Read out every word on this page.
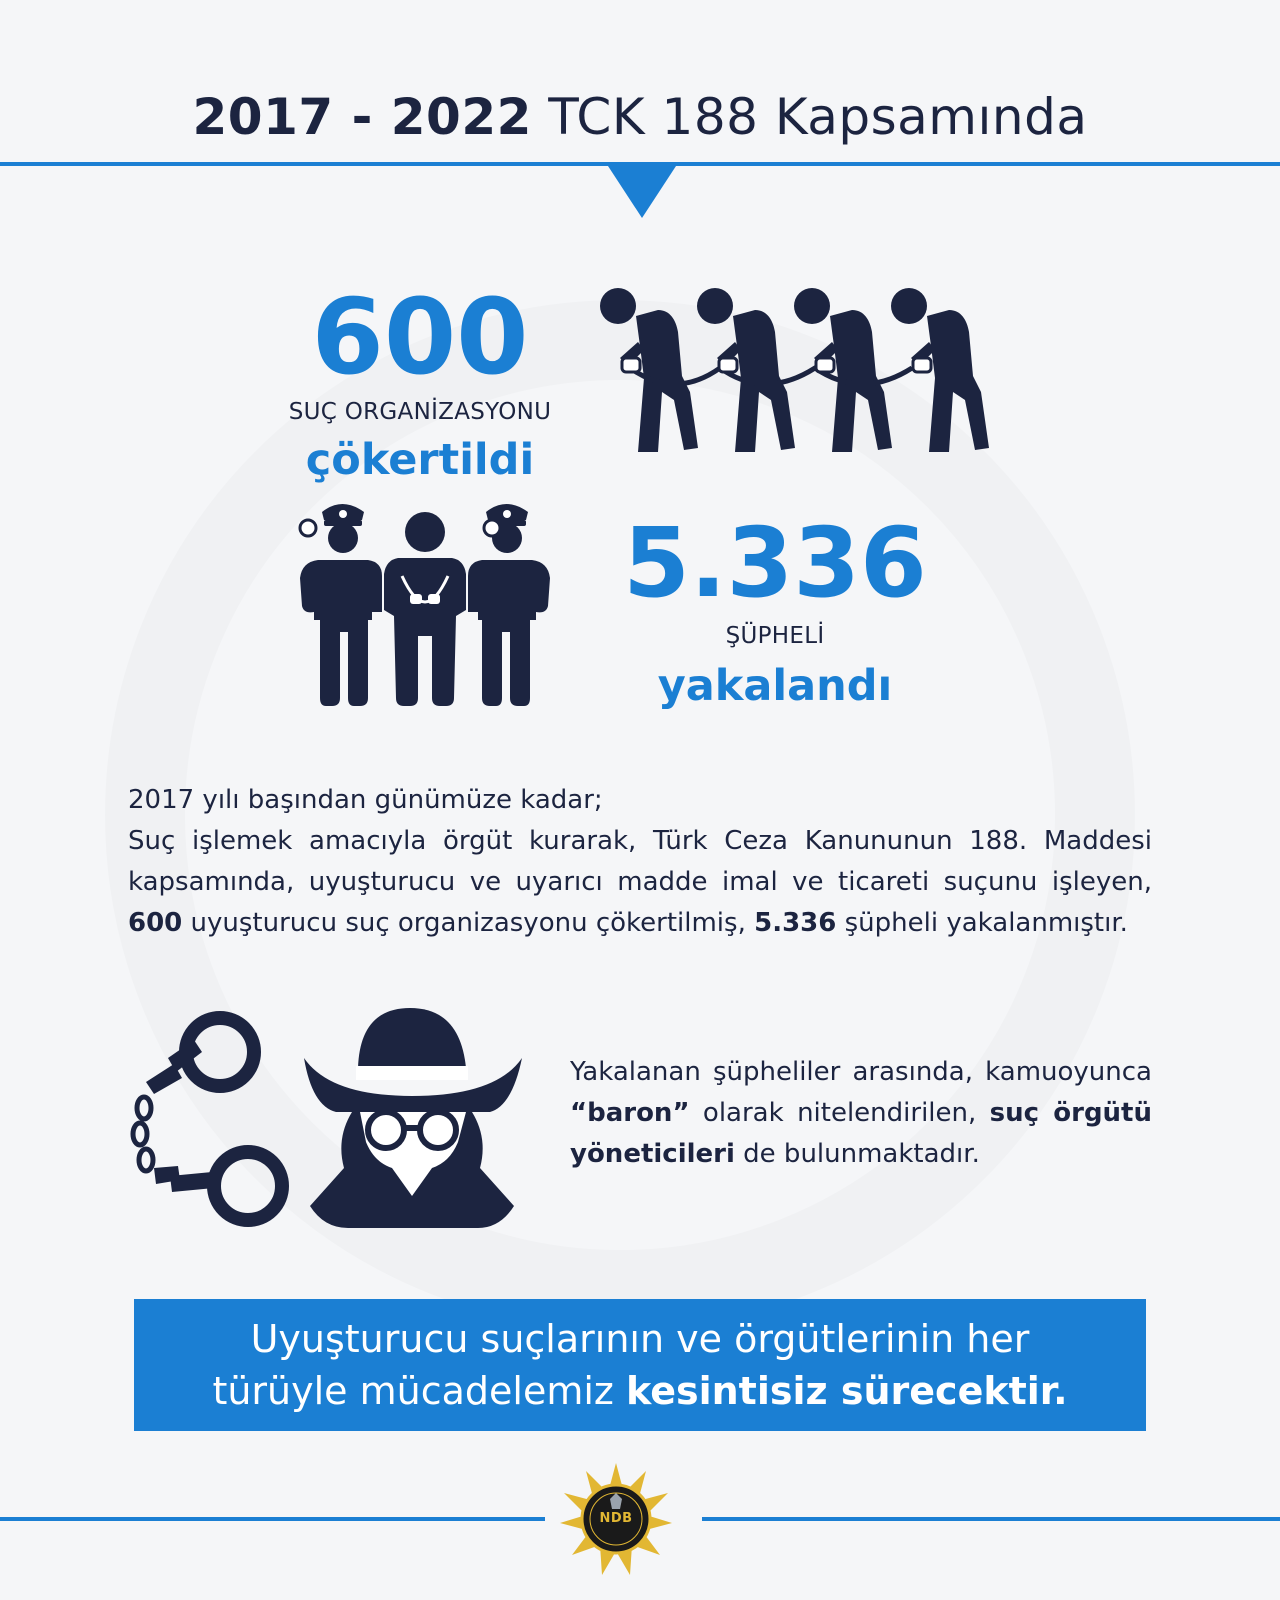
2017 - 2022 TCK 188 Kapsamında
600
SUÇ ORGANİZASYONU
çökertildi
5.336
ŞÜPHELİ
yakalandı

2017 yılı başından günümüze kadar;

Suç işlemek amacıyla örgüt kurarak, Türk Ceza Kanununun 188. Maddesi kapsamında, uyuşturucu ve uyarıcı madde imal ve ticareti suçunu işleyen, 600 uyuşturucu suç organizasyonu çökertilmiş, 5.336 şüpheli yakalanmıştır.

Yakalanan şüpheliler arasında, kamuoyunca “baron” olarak nitelendirilen, suç örgütü yöneticileri de bulunmaktadır.
Uyuşturucu suçlarının ve örgütlerinin her
türüyle mücadelemiz kesintisiz sürecektir.
NDB
